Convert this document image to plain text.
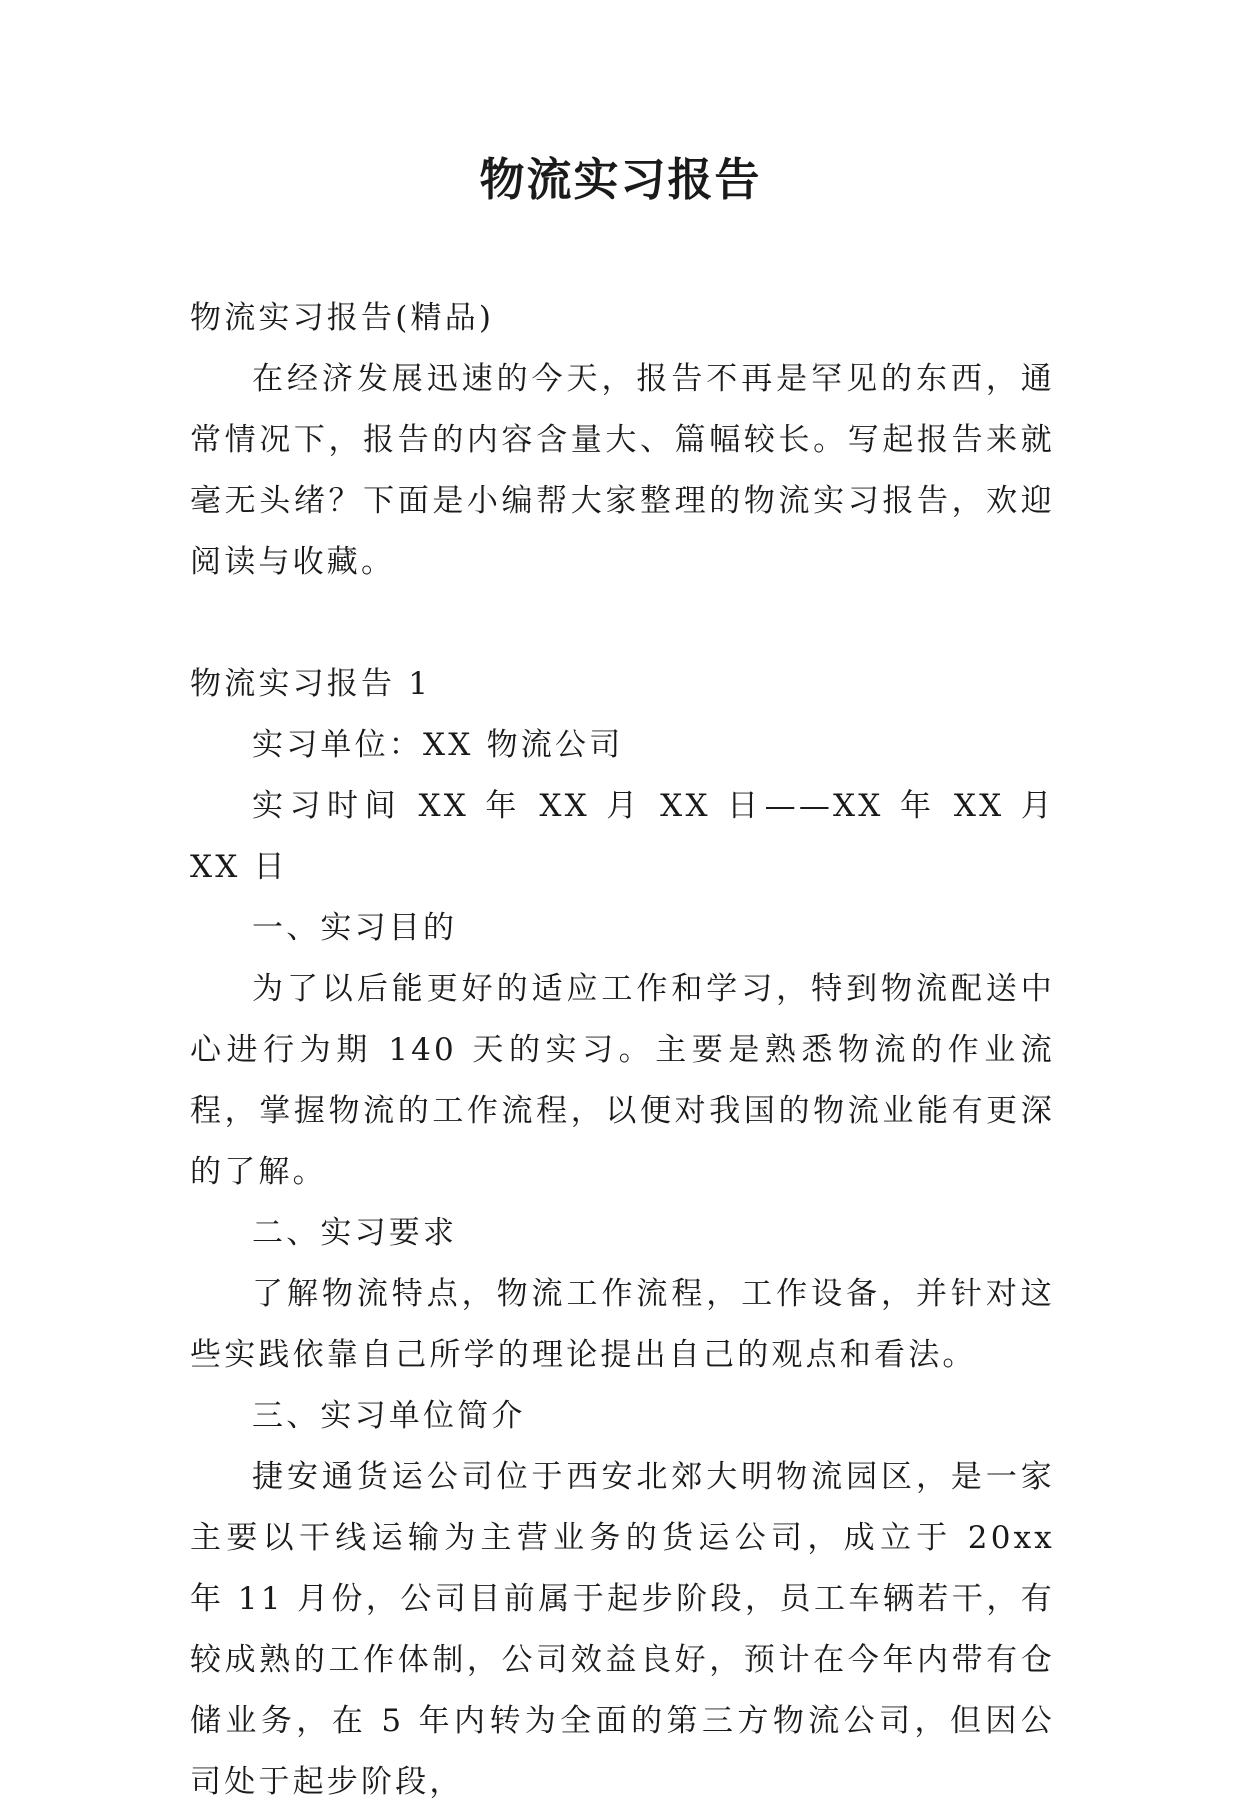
物流实习报告

物流实习报告(精品)

在经济发展迅速的今天，报告不再是罕见的东西，通常情况下，报告的内容含量大、篇幅较长。写起报告来就毫无头绪？下面是小编帮大家整理的物流实习报告，欢迎阅读与收藏。

物流实习报告 1

实习单位：XX 物流公司

实习时间 XX 年 XX 月 XX 日——XX 年 XX 月 XX 日

一、实习目的

为了以后能更好的适应工作和学习，特到物流配送中心进行为期 140 天的实习。主要是熟悉物流的作业流程，掌握物流的工作流程，以便对我国的物流业能有更深的了解。

二、实习要求

了解物流特点，物流工作流程，工作设备，并针对这些实践依靠自己所学的理论提出自己的观点和看法。

三、实习单位简介

捷安通货运公司位于西安北郊大明物流园区，是一家主要以干线运输为主营业务的货运公司，成立于 20xx 年 11 月份，公司目前属于起步阶段，员工车辆若干，有较成熟的工作体制，公司效益良好，预计在今年内带有仓储业务，在 5 年内转为全面的第三方物流公司，但因公司处于起步阶段，
